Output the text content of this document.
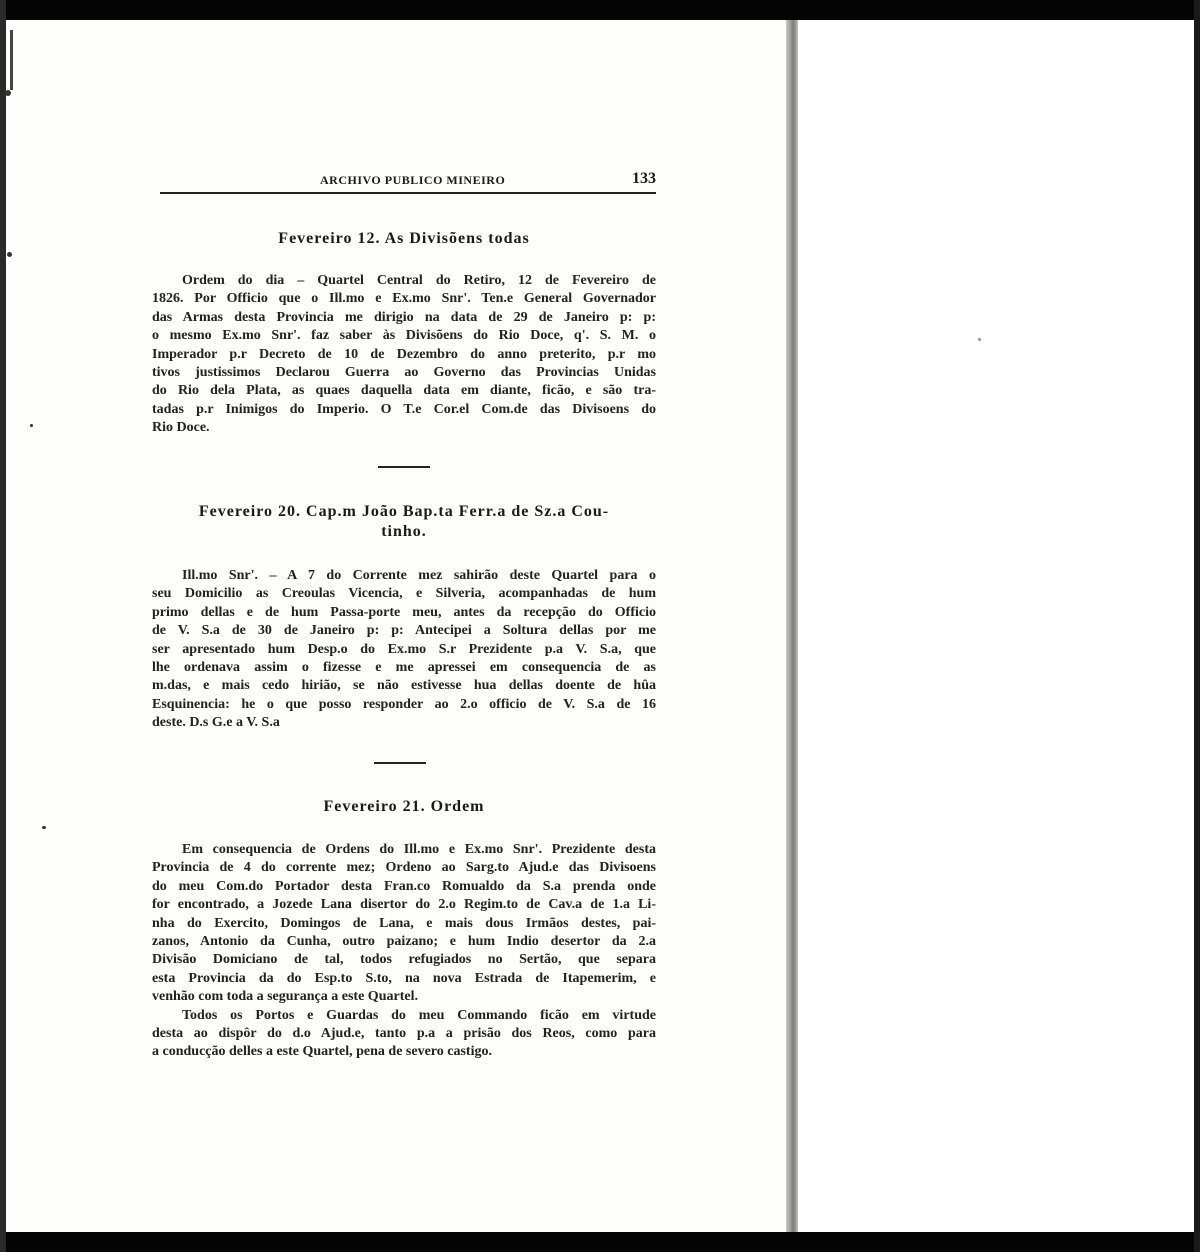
ARCHIVO PUBLICO MINEIRO	133
Fevereiro 12. As Divisõens todas

Ordem do dia – Quartel Central do Retiro, 12 de Fevereiro de
1826. Por Officio que o Ill.mo e Ex.mo Snr'. Ten.e General Governador
das Armas desta Provincia me dirigio na data de 29 de Janeiro p: p:
o mesmo Ex.mo Snr'. faz saber às Divisõens do Rio Doce, q'. S. M. o
Imperador p.r Decreto de 10 de Dezembro do anno preterito, p.r mo
tivos justissimos Declarou Guerra ao Governo das Provincias Unidas
do Rio dela Plata, as quaes daquella data em diante, ficão, e são tra-
tadas p.r Inimigos do Imperio. O T.e Cor.el Com.de das Divisoens do
Rio Doce.

Fevereiro 20. Cap.m João Bap.ta Ferr.a de Sz.a Cou-
tinho.

Ill.mo Snr'. – A 7 do Corrente mez sahirão deste Quartel para o
seu Domicilio as Creoulas Vicencia, e Silveria, acompanhadas de hum
primo dellas e de hum Passa-porte meu, antes da recepção do Officio
de V. S.a de 30 de Janeiro p: p: Antecipei a Soltura dellas por me
ser apresentado hum Desp.o do Ex.mo S.r Prezidente p.a V. S.a, que
lhe ordenava assim o fizesse e me apressei em consequencia de as
m.das, e mais cedo hirião, se não estivesse hua dellas doente de hûa
Esquinencia: he o que posso responder ao 2.o officio de V. S.a de 16
deste. D.s G.e a V. S.a

Fevereiro 21. Ordem

Em consequencia de Ordens do Ill.mo e Ex.mo Snr'. Prezidente desta
Provincia de 4 do corrente mez; Ordeno ao Sarg.to Ajud.e das Divisoens
do meu Com.do Portador desta Fran.co Romualdo da S.a prenda onde
for encontrado, a Jozede Lana disertor do 2.o Regim.to de Cav.a de 1.a Li-
nha do Exercito, Domingos de Lana, e mais dous Irmãos destes, pai-
zanos, Antonio da Cunha, outro paizano; e hum Indio desertor da 2.a
Divisão Domiciano de tal, todos refugiados no Sertão, que separa
esta Provincia da do Esp.to S.to, na nova Estrada de Itapemerim, e
venhão com toda a segurança a este Quartel.
Todos os Portos e Guardas do meu Commando ficão em virtude
desta ao dispôr do d.o Ajud.e, tanto p.a a prisão dos Reos, como para
a conducção delles a este Quartel, pena de severo castigo.
